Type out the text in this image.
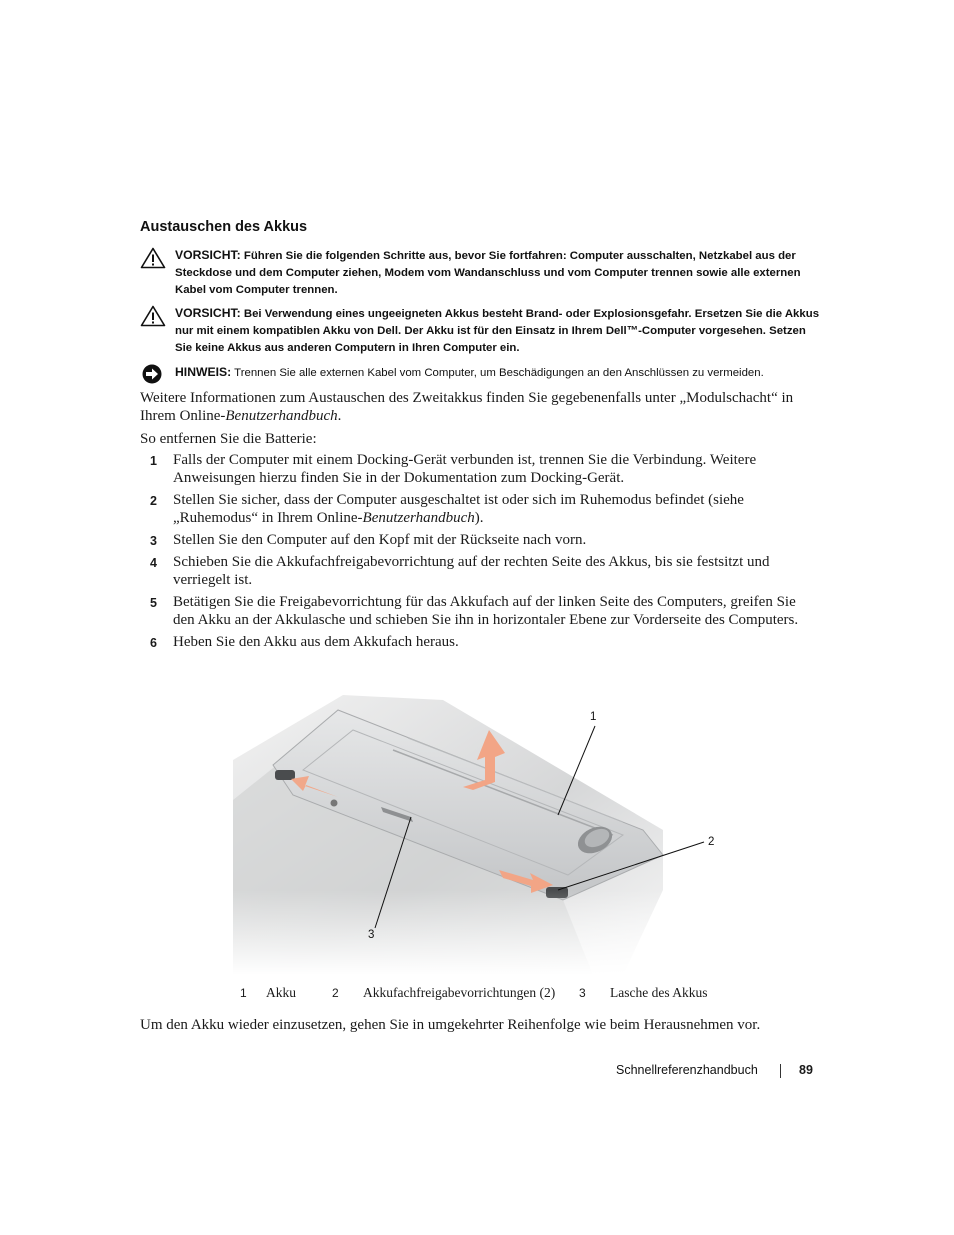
Austauschen des Akkus
VORSICHT: Führen Sie die folgenden Schritte aus, bevor Sie fortfahren: Computer ausschalten, Netzkabel aus der Steckdose und dem Computer ziehen, Modem vom Wandanschluss und vom Computer trennen sowie alle externen Kabel vom Computer trennen.
VORSICHT: Bei Verwendung eines ungeeigneten Akkus besteht Brand- oder Explosionsgefahr. Ersetzen Sie die Akkus nur mit einem kompatiblen Akku von Dell. Der Akku ist für den Einsatz in Ihrem Dell™-Computer vorgesehen. Setzen Sie keine Akkus aus anderen Computern in Ihren Computer ein.
HINWEIS: Trennen Sie alle externen Kabel vom Computer, um Beschädigungen an den Anschlüssen zu vermeiden.

Weitere Informationen zum Austauschen des Zweitakkus finden Sie gegebenenfalls unter „Modulschacht“ in Ihrem Online-Benutzerhandbuch.

So entfernen Sie die Batterie:

1 Falls der Computer mit einem Docking-Gerät verbunden ist, trennen Sie die Verbindung. Weitere Anweisungen hierzu finden Sie in der Dokumentation zum Docking-Gerät.
2 Stellen Sie sicher, dass der Computer ausgeschaltet ist oder sich im Ruhemodus befindet (siehe „Ruhemodus“ in Ihrem Online-Benutzerhandbuch).
3 Stellen Sie den Computer auf den Kopf mit der Rückseite nach vorn.
4 Schieben Sie die Akkufachfreigabevorrichtung auf der rechten Seite des Akkus, bis sie festsitzt und verriegelt ist.
5 Betätigen Sie die Freigabevorrichtung für das Akkufach auf der linken Seite des Computers, greifen Sie den Akku an der Akkulasche und schieben Sie ihn in horizontaler Ebene zur Vorderseite des Computers.
6 Heben Sie den Akku aus dem Akkufach heraus.
1
2
3
1 Akku	2 Akkufachfreigabevorrichtungen (2) 3 Lasche des Akkus

Um den Akku wieder einzusetzen, gehen Sie in umgekehrter Reihenfolge wie beim Herausnehmen vor.

Schnellreferenzhandbuch	89
